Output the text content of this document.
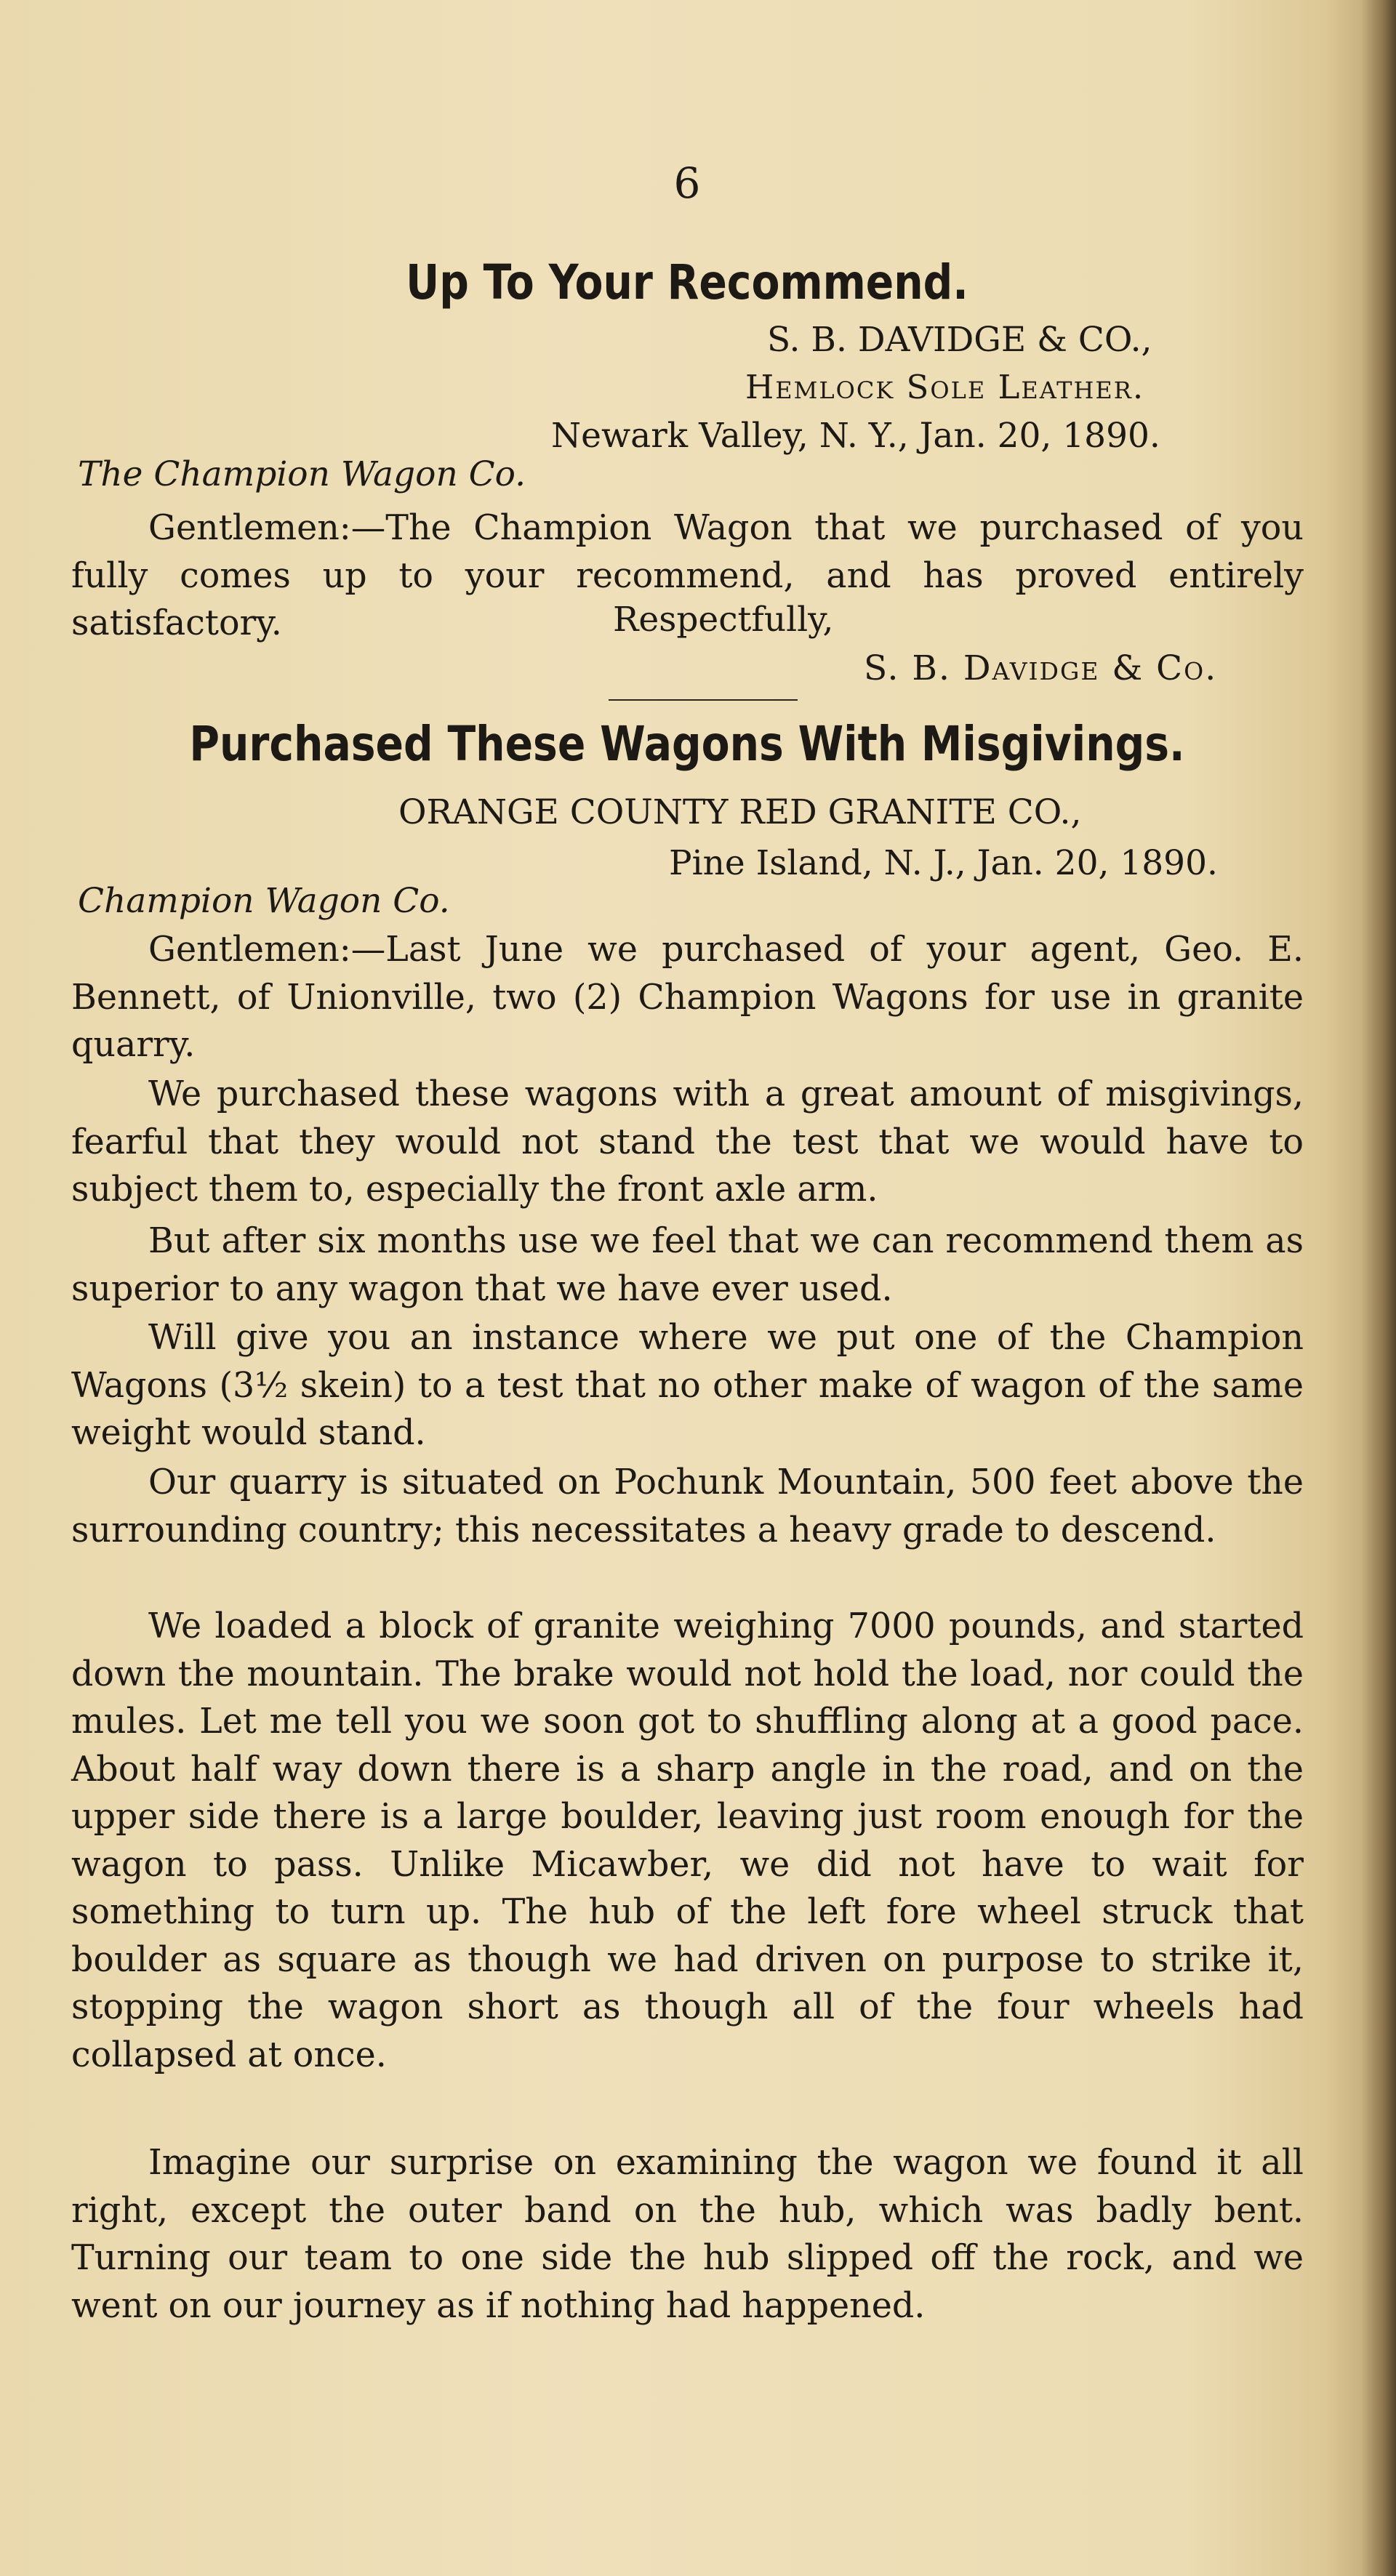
6
Up To Your Recommend.
S. B. DAVIDGE & CO.,
Hemlock Sole Leather.
Newark Valley, N. Y., Jan. 20, 1890.
The Champion Wagon Co.

Gentlemen:—The Champion Wagon that we purchased of you fully comes up to your recommend, and has proved entirely satisfactory.	Respectfully,
S. B. Davidge & Co.
Purchased These Wagons With Misgivings.
ORANGE COUNTY RED GRANITE CO.,
Pine Island, N. J., Jan. 20, 1890.
Champion Wagon Co.

Gentlemen:—Last June we purchased of your agent, Geo. E. Bennett, of Unionville, two (2) Champion Wagons for use in granite quarry.

We purchased these wagons with a great amount of misgivings, fearful that they would not stand the test that we would have to subject them to, especially the front axle arm.

But after six months use we feel that we can recommend them as superior to any wagon that we have ever used.

Will give you an instance where we put one of the Champion Wagons (3½ skein) to a test that no other make of wagon of the same weight would stand.

Our quarry is situated on Pochunk Mountain, 500 feet above the surrounding country; this necessitates a heavy grade to descend.

We loaded a block of granite weighing 7000 pounds, and started down the mountain. The brake would not hold the load, nor could the mules. Let me tell you we soon got to shuffling along at a good pace. About half way down there is a sharp angle in the road, and on the upper side there is a large boulder, leaving just room enough for the wagon to pass. Unlike Micawber, we did not have to wait for something to turn up. The hub of the left fore wheel struck that boulder as square as though we had driven on purpose to strike it, stopping the wagon short as though all of the four wheels had collapsed at once.

Imagine our surprise on examining the wagon we found it all right, except the outer band on the hub, which was badly bent. Turning our team to one side the hub slipped off the rock, and we went on our journey as if nothing had happened.
